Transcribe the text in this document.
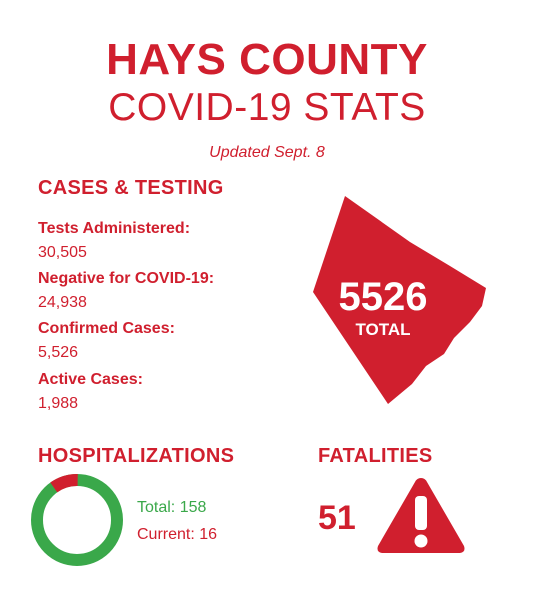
HAYS COUNTY
COVID-19 STATS
Updated Sept. 8
CASES & TESTING
Tests Administered:
30,505
Negative for COVID-19:
24,938
Confirmed Cases:
5,526
Active Cases:
1,988
5526
TOTAL
HOSPITALIZATIONS
Total: 158
Current: 16
FATALITIES
51
